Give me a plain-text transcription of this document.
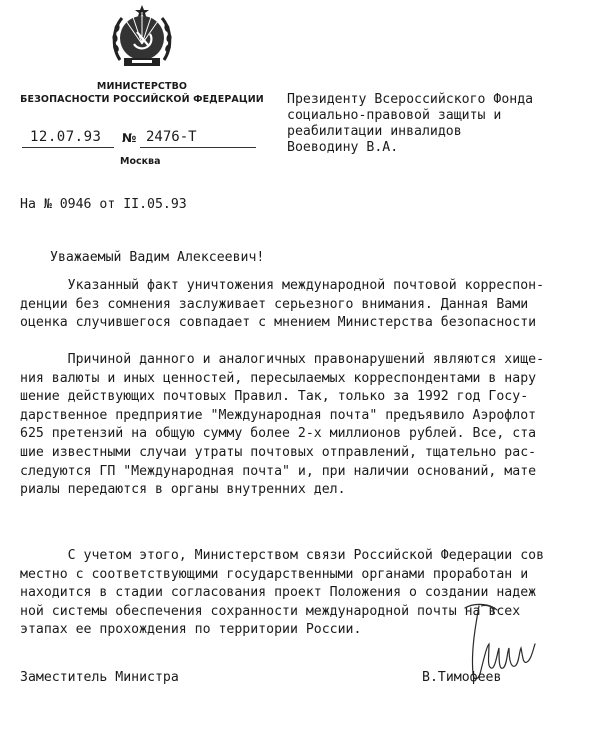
МИНИСТЕРСТВО
БЕЗОПАСНОСТИ РОССИЙСКОЙ ФЕДЕРАЦИИ
12.07.93 № 2476-Т
Москва
Президенту Всероссийского Фонда
социально-правовой защиты и
реабилитации инвалидов
Воеводину В.А.
На № 0946 от II.05.93
Уважаемый Вадим Алексеевич!
Указанный факт уничтожения международной почтовой корреспон-
денции без сомнения заслуживает серьезного внимания. Данная Вами
оценка случившегося совпадает с мнением Министерства безопасности
Причиной данного и аналогичных правонарушений являются хище-
ния валюты и иных ценностей, пересылаемых корреспондентами в нару
шение действующих почтовых Правил. Так, только за 1992 год Госу-
дарственное предприятие "Международная почта" предъявило Аэрофлот
625 претензий на общую сумму более 2-х миллионов рублей. Все, ста
шие известными случаи утраты почтовых отправлений, тщательно рас-
следуются ГП "Международная почта" и, при наличии оснований, мате
риалы передаются в органы внутренних дел.
С учетом этого, Министерством связи Российской Федерации сов
местно с соответствующими государственными органами проработан и
находится в стадии согласования проект Положения о создании надеж
ной системы обеспечения сохранности международной почты на всех
этапах ее прохождения по территории России.
Заместитель Министра	В.Тимофеев
